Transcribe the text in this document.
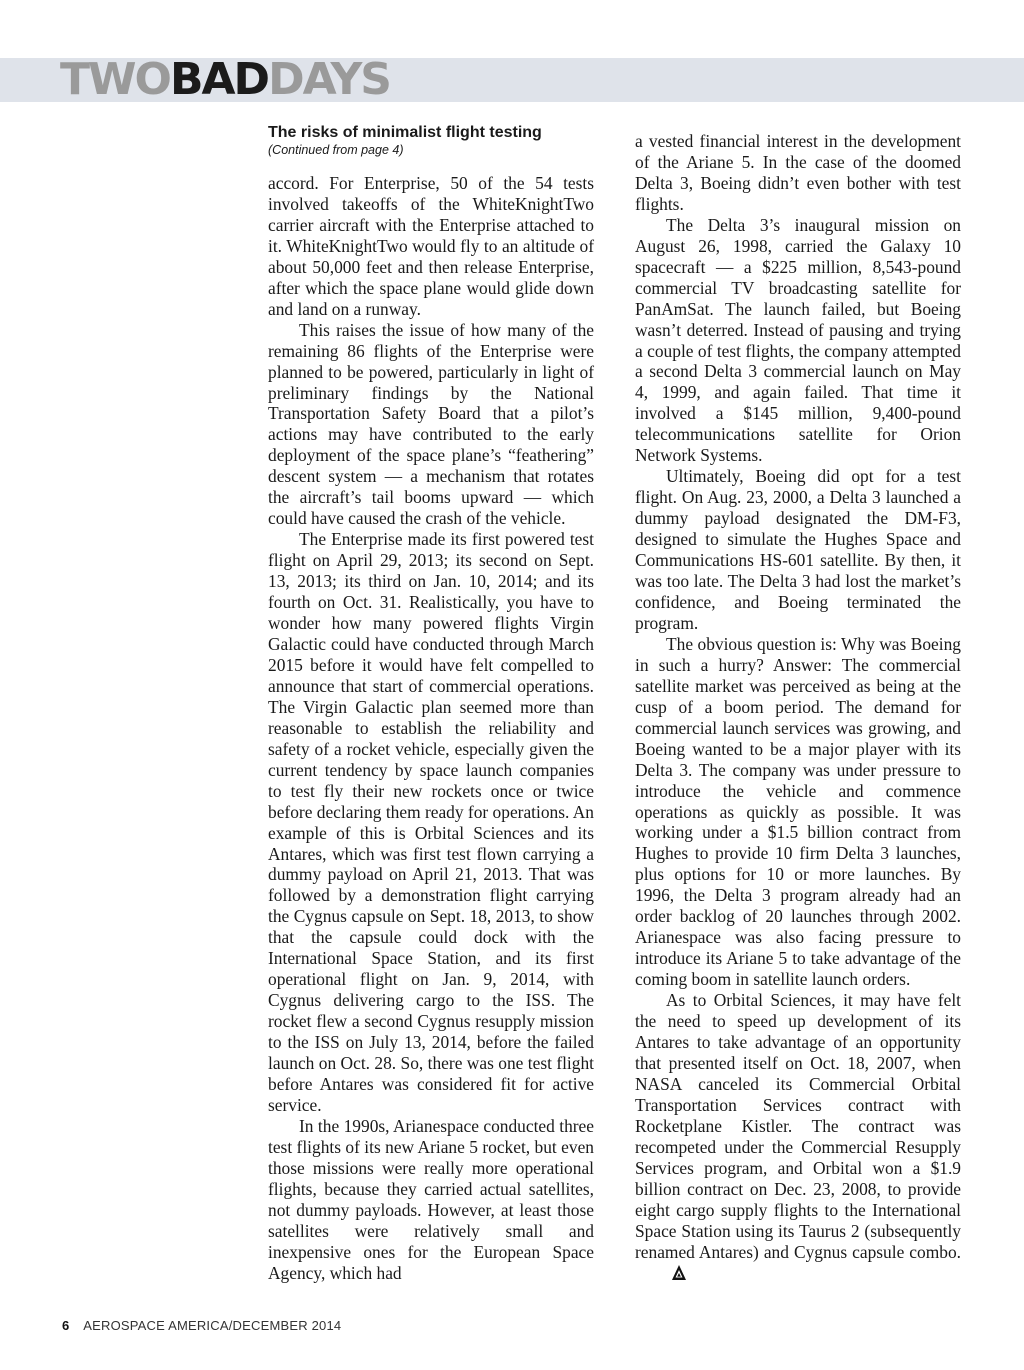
TWOBADDAYS
The risks of minimalist flight testing
(Continued from page 4)

accord. For Enterprise, 50 of the 54 tests involved takeoffs of the WhiteKnightTwo carrier aircraft with the Enterprise attached to it. WhiteKnightTwo would fly to an altitude of about 50,000 feet and then release Enterprise, after which the space plane would glide down and land on a runway.

This raises the issue of how many of the remaining 86 flights of the Enterprise were planned to be powered, particularly in light of preliminary findings by the National Transportation Safety Board that a pilot’s actions may have contributed to the early deployment of the space plane’s “feathering” descent system — a mechanism that rotates the aircraft’s tail booms upward — which could have caused the crash of the vehicle.

The Enterprise made its first powered test flight on April 29, 2013; its second on Sept. 13, 2013; its third on Jan. 10, 2014; and its fourth on Oct. 31. Realistically, you have to wonder how many powered flights Virgin Galactic could have conducted through March 2015 before it would have felt compelled to announce that start of commercial operations. The Virgin Galactic plan seemed more than reasonable to establish the reliability and safety of a rocket vehicle, especially given the current tendency by space launch companies to test fly their new rockets once or twice before declaring them ready for operations. An example of this is Orbital Sciences and its Antares, which was first test flown carrying a dummy payload on April 21, 2013. That was followed by a demonstration flight carrying the Cygnus capsule on Sept. 18, 2013, to show that the capsule could dock with the International Space Station, and its first operational flight on Jan. 9, 2014, with Cygnus delivering cargo to the ISS. The rocket flew a second Cygnus resupply mission to the ISS on July 13, 2014, before the failed launch on Oct. 28. So, there was one test flight before Antares was considered fit for active service.

In the 1990s, Arianespace conducted three test flights of its new Ariane 5 rocket, but even those missions were really more operational flights, because they carried actual satellites, not dummy payloads. However, at least those satellites were relatively small and inexpensive ones for the European Space Agency, which had

a vested financial interest in the development of the Ariane 5. In the case of the doomed Delta 3, Boeing didn’t even bother with test flights.

The Delta 3’s inaugural mission on August 26, 1998, carried the Galaxy 10 spacecraft — a $225 million, 8,543-pound commercial TV broadcasting satellite for PanAmSat. The launch failed, but Boeing wasn’t deterred. Instead of pausing and trying a couple of test flights, the company attempted a second Delta 3 commercial launch on May 4, 1999, and again failed. That time it involved a $145 million, 9,400-pound telecommunications satellite for Orion Network Systems.

Ultimately, Boeing did opt for a test flight. On Aug. 23, 2000, a Delta 3 launched a dummy payload designated the DM-F3, designed to simulate the Hughes Space and Communications HS-601 satellite. By then, it was too late. The Delta 3 had lost the market’s confidence, and Boeing terminated the program.

The obvious question is: Why was Boeing in such a hurry? Answer: The commercial satellite market was perceived as being at the cusp of a boom period. The demand for commercial launch services was growing, and Boeing wanted to be a major player with its Delta 3. The company was under pressure to introduce the vehicle and commence operations as quickly as possible. It was working under a $1.5 billion contract from Hughes to provide 10 firm Delta 3 launches, plus options for 10 or more launches. By 1996, the Delta 3 program already had an order backlog of 20 launches through 2002. Arianespace was also facing pressure to introduce its Ariane 5 to take advantage of the coming boom in satellite launch orders.

As to Orbital Sciences, it may have felt the need to speed up development of its Antares to take advantage of an opportunity that presented itself on Oct. 18, 2007, when NASA canceled its Commercial Orbital Transportation Services contract with Rocketplane Kistler. The contract was recompeted under the Commercial Resupply Services program, and Orbital won a $1.9 billion contract on Dec. 23, 2008, to provide eight cargo supply flights to the International Space Station using its Taurus 2 (subsequently renamed Antares) and Cygnus capsule combo.

6 AEROSPACE AMERICA/DECEMBER 2014
